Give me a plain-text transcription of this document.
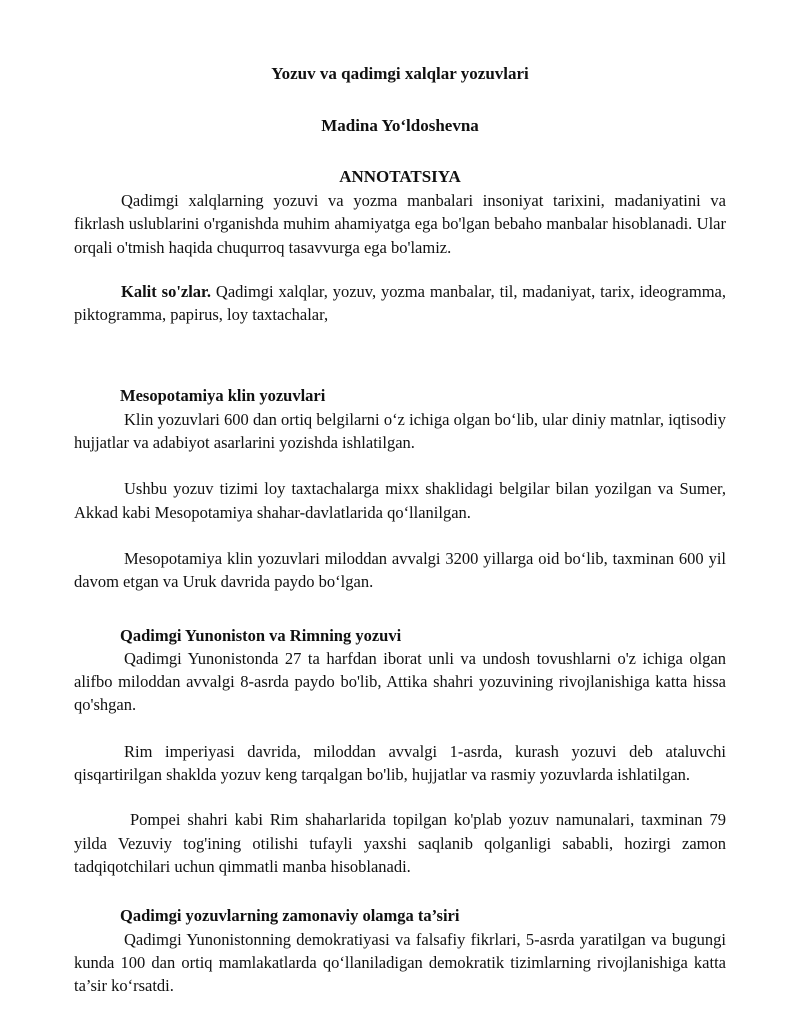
Yozuv va qadimgi xalqlar yozuvlari
Madina Yo‘ldoshevna
ANNOTATSIYA

Qadimgi xalqlarning yozuvi va yozma manbalari insoniyat tarixini, madaniyatini va fikrlash uslublarini o'rganishda muhim ahamiyatga ega bo'lgan bebaho manbalar hisoblanadi. Ular orqali o'tmish haqida chuqurroq tasavvurga ega bo'lamiz.

Kalit so'zlar. Qadimgi xalqlar, yozuv, yozma manbalar, til, madaniyat, tarix, ideogramma, piktogramma, papirus, loy taxtachalar,

Mesopotamiya klin yozuvlari

Klin yozuvlari 600 dan ortiq belgilarni o‘z ichiga olgan bo‘lib, ular diniy matnlar, iqtisodiy hujjatlar va adabiyot asarlarini yozishda ishlatilgan.

Ushbu yozuv tizimi loy taxtachalarga mixx shaklidagi belgilar bilan yozilgan va Sumer, Akkad kabi Mesopotamiya shahar-davlatlarida qo‘llanilgan.

Mesopotamiya klin yozuvlari miloddan avvalgi 3200 yillarga oid bo‘lib, taxminan 600 yil davom etgan va Uruk davrida paydo bo‘lgan.

Qadimgi Yunoniston va Rimning yozuvi

Qadimgi Yunonistonda 27 ta harfdan iborat unli va undosh tovushlarni o'z ichiga olgan alifbo miloddan avvalgi 8-asrda paydo bo'lib, Attika shahri yozuvining rivojlanishiga katta hissa qo'shgan.

Rim imperiyasi davrida, miloddan avvalgi 1-asrda, kurash yozuvi deb ataluvchi qisqartirilgan shaklda yozuv keng tarqalgan bo'lib, hujjatlar va rasmiy yozuvlarda ishlatilgan.

Pompei shahri kabi Rim shaharlarida topilgan ko'plab yozuv namunalari, taxminan 79 yilda Vezuviy tog'ining otilishi tufayli yaxshi saqlanib qolganligi sababli, hozirgi zamon tadqiqotchilari uchun qimmatli manba hisoblanadi.

Qadimgi yozuvlarning zamonaviy olamga ta’siri

Qadimgi Yunonistonning demokratiyasi va falsafiy fikrlari, 5-asrda yaratilgan va bugungi kunda 100 dan ortiq mamlakatlarda qo‘llaniladigan demokratik tizimlarning rivojlanishiga katta ta’sir ko‘rsatdi.
